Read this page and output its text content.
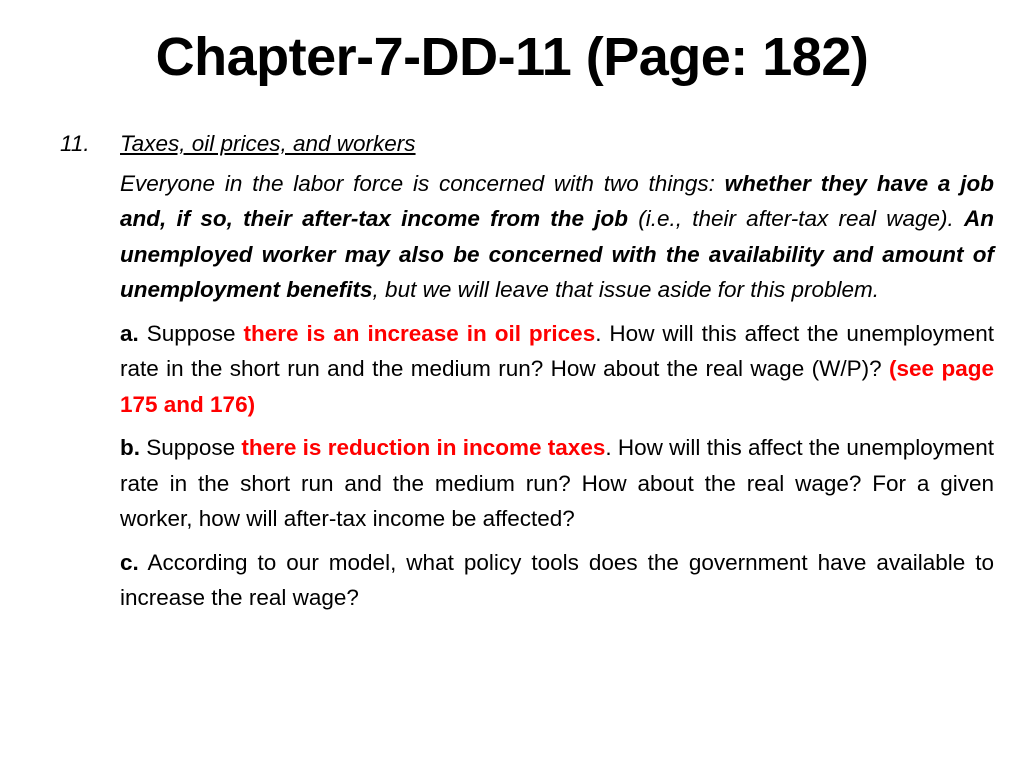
Chapter-7-DD-11 (Page: 182)
11.	Taxes, oil prices, and workers
Everyone in the labor force is concerned with two things: whether they have a job and, if so, their after-tax income from the job (i.e., their after-tax real wage). An unemployed worker may also be concerned with the availability and amount of unemployment benefits, but we will leave that issue aside for this problem.
a. Suppose there is an increase in oil prices. How will this affect the unemployment rate in the short run and the medium run? How about the real wage (W/P)? (see page 175 and 176)
b. Suppose there is reduction in income taxes. How will this affect the unemployment rate in the short run and the medium run? How about the real wage? For a given worker, how will after-tax income be affected?
c. According to our model, what policy tools does the government have available to increase the real wage?
